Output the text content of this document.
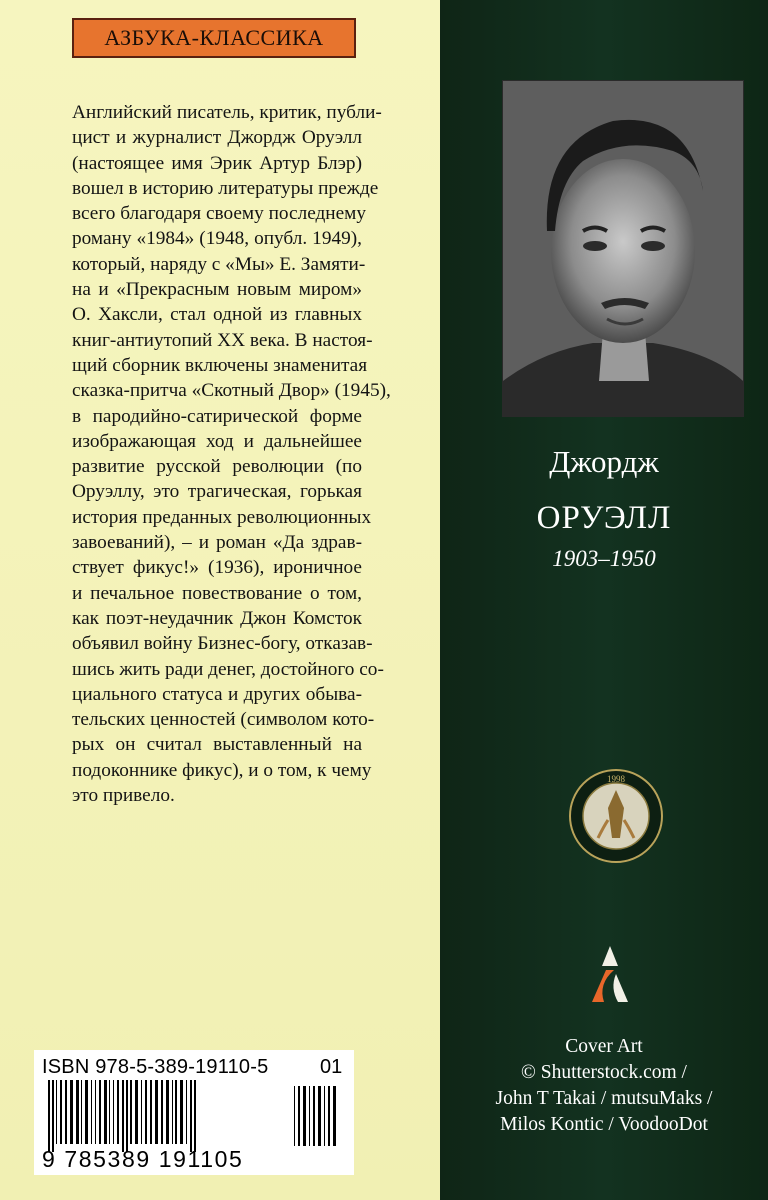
АЗБУКА-КЛАССИКА
Английский писатель, критик, публи-
цист и журналист Джордж Оруэлл
(настоящее имя Эрик Артур Блэр)
вошел в историю литературы прежде
всего благодаря своему последнему
роману «1984» (1948, опубл. 1949),
который, наряду с «Мы» Е. Замяти-
на и «Прекрасным новым миром»
О. Хаксли, стал одной из главных
книг-антиутопий XX века. В настоя-
щий сборник включены знаменитая
сказка-притча «Скотный Двор» (1945),
в пародийно-сатирической форме
изображающая ход и дальнейшее
развитие русской революции (по
Оруэллу, это трагическая, горькая
история преданных революционных
завоеваний), – и роман «Да здрав-
ствует фикус!» (1936), ироничное
и печальное повествование о том,
как поэт-неудачник Джон Комсток
объявил войну Бизнес-богу, отказав-
шись жить ради денег, достойного со-
циального статуса и других обыва-
тельских ценностей (символом кото-
рых он считал выставленный на
подоконнике фикус), и о том, к чему
это привело.
ISBN 978-5-389-19110-5	01
9 785389 191105
Джордж
ОРУЭЛЛ
1903–1950
1998
Cover Art
© Shutterstock.com /
John T Takai / mutsuMaks /
Milos Kontic / VoodooDot
